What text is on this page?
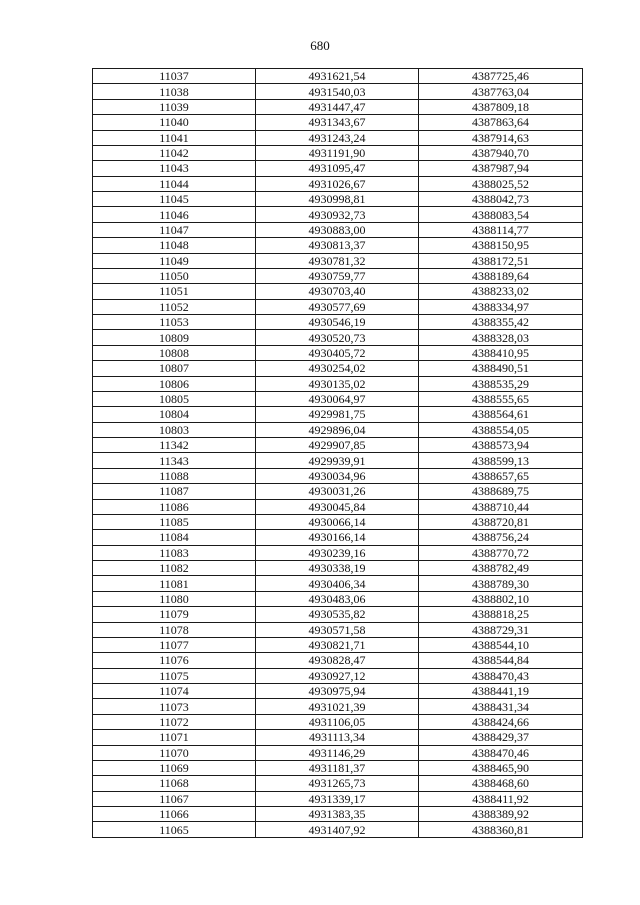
680
11037	4931621,54	4387725,46
11038	4931540,03	4387763,04
11039	4931447,47	4387809,18
11040	4931343,67	4387863,64
11041	4931243,24	4387914,63
11042	4931191,90	4387940,70
11043	4931095,47	4387987,94
11044	4931026,67	4388025,52
11045	4930998,81	4388042,73
11046	4930932,73	4388083,54
11047	4930883,00	4388114,77
11048	4930813,37	4388150,95
11049	4930781,32	4388172,51
11050	4930759,77	4388189,64
11051	4930703,40	4388233,02
11052	4930577,69	4388334,97
11053	4930546,19	4388355,42
10809	4930520,73	4388328,03
10808	4930405,72	4388410,95
10807	4930254,02	4388490,51
10806	4930135,02	4388535,29
10805	4930064,97	4388555,65
10804	4929981,75	4388564,61
10803	4929896,04	4388554,05
11342	4929907,85	4388573,94
11343	4929939,91	4388599,13
11088	4930034,96	4388657,65
11087	4930031,26	4388689,75
11086	4930045,84	4388710,44
11085	4930066,14	4388720,81
11084	4930166,14	4388756,24
11083	4930239,16	4388770,72
11082	4930338,19	4388782,49
11081	4930406,34	4388789,30
11080	4930483,06	4388802,10
11079	4930535,82	4388818,25
11078	4930571,58	4388729,31
11077	4930821,71	4388544,10
11076	4930828,47	4388544,84
11075	4930927,12	4388470,43
11074	4930975,94	4388441,19
11073	4931021,39	4388431,34
11072	4931106,05	4388424,66
11071	4931113,34	4388429,37
11070	4931146,29	4388470,46
11069	4931181,37	4388465,90
11068	4931265,73	4388468,60
11067	4931339,17	4388411,92
11066	4931383,35	4388389,92
11065	4931407,92	4388360,81
